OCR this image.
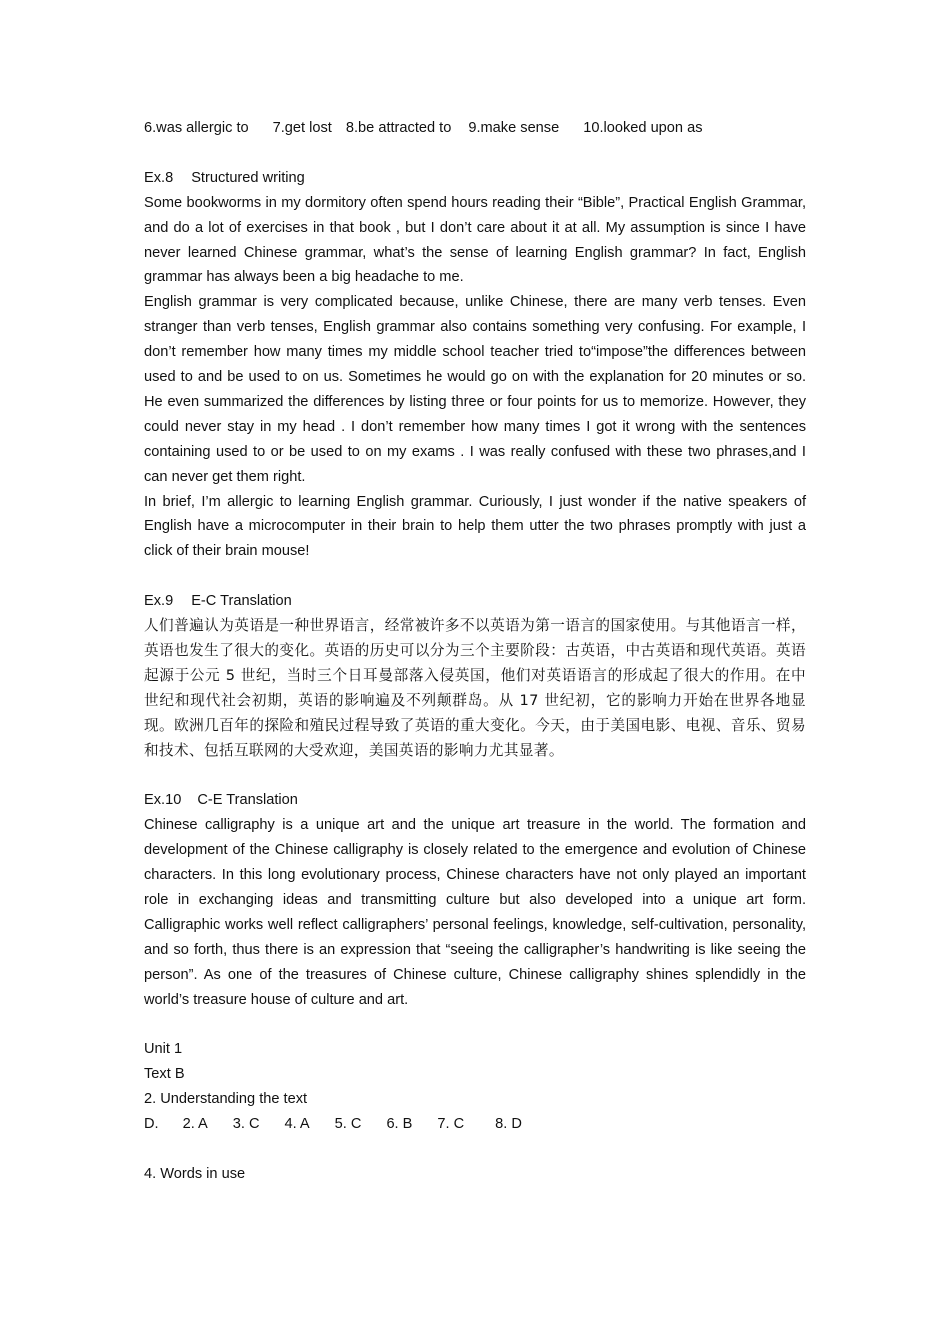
6.was allergic to 7.get lost 8.be attracted to 9.make sense 10.looked upon as

Ex.8 Structured writing

Some bookworms in my dormitory often spend hours reading their “Bible”, Practical English Grammar, and do a lot of exercises in that book , but I don’t care about it at all. My assumption is since I have never learned Chinese grammar, what’s the sense of learning English grammar? In fact, English grammar has always been a big headache to me.

English grammar is very complicated because, unlike Chinese, there are many verb tenses. Even stranger than verb tenses, English grammar also contains something very confusing. For example, I don’t remember how many times my middle school teacher tried to“impose”the differences between used to and be used to on us. Sometimes he would go on with the explanation for 20 minutes or so. He even summarized the differences by listing three or four points for us to memorize. However, they could never stay in my head . I don’t remember how many times I got it wrong with the sentences containing used to or be used to on my exams . I was really confused with these two phrases,and I can never get them right.

In brief, I’m allergic to learning English grammar. Curiously, I just wonder if the native speakers of English have a microcomputer in their brain to help them utter the two phrases promptly with just a click of their brain mouse!

Ex.9 E-C Translation

人们普遍认为英语是一种世界语言，经常被许多不以英语为第一语言的国家使用。与其他语言一样，英语也发生了很大的变化。英语的历史可以分为三个主要阶段：古英语，中古英语和现代英语。英语起源于公元 5 世纪，当时三个日耳曼部落入侵英国，他们对英语语言的形成起了很大的作用。在中世纪和现代社会初期，英语的影响遍及不列颠群岛。从 17 世纪初，它的影响力开始在世界各地显现。欧洲几百年的探险和殖民过程导致了英语的重大变化。今天，由于美国电影、电视、音乐、贸易和技术、包括互联网的大受欢迎，美国英语的影响力尤其显著。

Ex.10 C-E Translation

Chinese calligraphy is a unique art and the unique art treasure in the world. The formation and development of the Chinese calligraphy is closely related to the emergence and evolution of Chinese characters. In this long evolutionary process, Chinese characters have not only played an important role in exchanging ideas and transmitting culture but also developed into a unique art form. Calligraphic works well reflect calligraphers’ personal feelings, knowledge, self-cultivation, personality, and so forth, thus there is an expression that “seeing the calligrapher’s handwriting is like seeing the person”. As one of the treasures of Chinese culture, Chinese calligraphy shines splendidly in the world’s treasure house of culture and art.

Unit 1

Text B

2. Understanding the text

D. 2. A 3. C 4. A 5. C 6. B 7. C 8. D

4. Words in use
